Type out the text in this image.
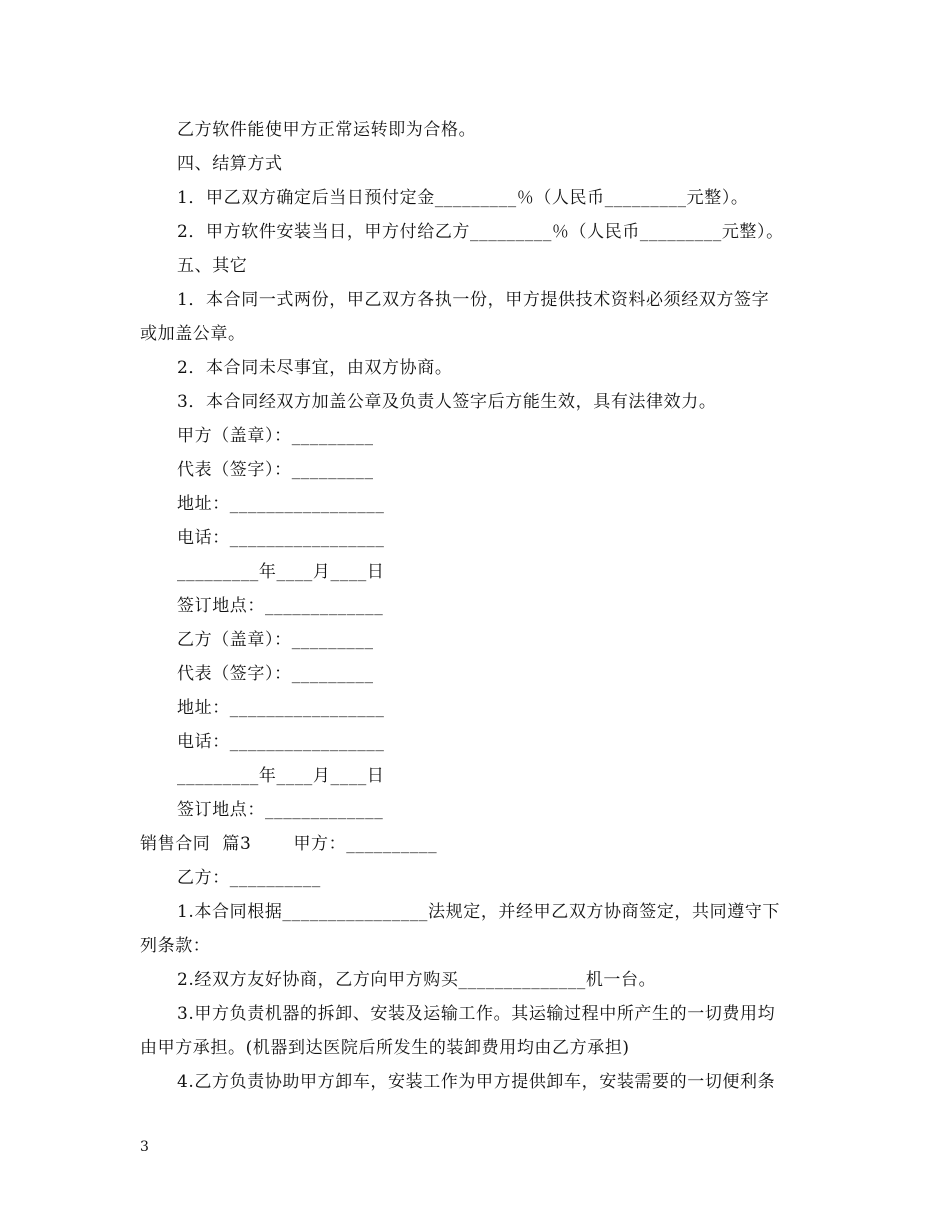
乙方软件能使甲方正常运转即为合格。
四、结算方式
1．甲乙双方确定后当日预付定金_________％（人民币_________元整）。
2．甲方软件安装当日，甲方付给乙方_________％（人民币_________元整）。
五、其它
1．本合同一式两份，甲乙双方各执一份，甲方提供技术资料必须经双方签字
或加盖公章。
2．本合同未尽事宜，由双方协商。
3．本合同经双方加盖公章及负责人签字后方能生效，具有法律效力。
甲方（盖章）：_________
代表（签字）：_________
地址：_________________
电话：_________________
_________年____月____日
签订地点：_____________
乙方（盖章）：_________
代表（签字）：_________
地址：_________________
电话：_________________
_________年____月____日
签订地点：_____________
销售合同  篇3       甲方：__________
乙方：__________
1.本合同根据________________法规定，并经甲乙双方协商签定，共同遵守下
列条款：
2.经双方友好协商，乙方向甲方购买______________机一台。
3.甲方负责机器的拆卸、安装及运输工作。其运输过程中所产生的一切费用均
由甲方承担。(机器到达医院后所发生的装卸费用均由乙方承担)
4.乙方负责协助甲方卸车，安装工作为甲方提供卸车，安装需要的一切便利条
3
